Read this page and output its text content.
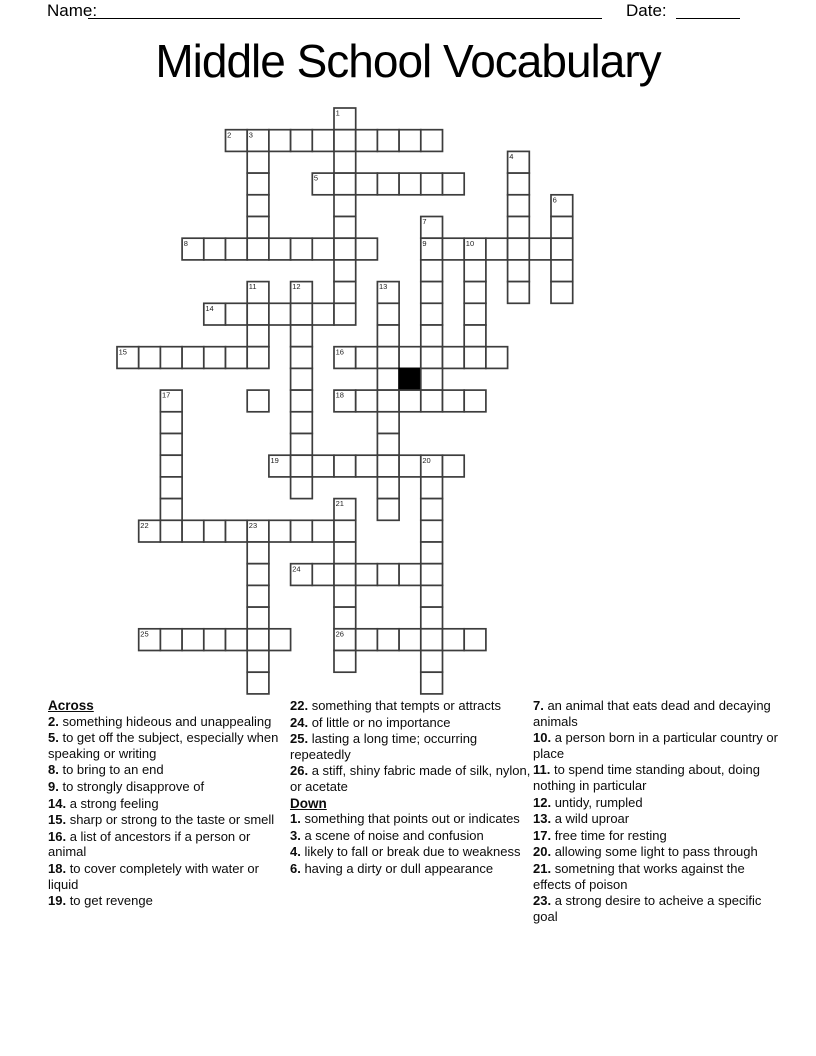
Name:	Date:
Middle School Vocabulary
1
2 3
4
5
6
7
8	9	10
11	12	13
14
15	16
17	18
19	20
21
22	23
24
25	26

Across

2. something hideous and unappealing

5. to get off the subject, especially when speaking or writing

8. to bring to an end

9. to strongly disapprove of

14. a strong feeling

15. sharp or strong to the taste or smell

16. a list of ancestors if a person or animal

18. to cover completely with water or liquid

19. to get revenge

22. something that tempts or attracts

24. of little or no importance

25. lasting a long time; occurring repeatedly

26. a stiff, shiny fabric made of silk, nylon, or acetate

Down

1. something that points out or indicates

3. a scene of noise and confusion

4. likely to fall or break due to weakness

6. having a dirty or dull appearance

7. an animal that eats dead and decaying animals

10. a person born in a particular country or place

11. to spend time standing about, doing nothing in particular

12. untidy, rumpled

13. a wild uproar

17. free time for resting

20. allowing some light to pass through

21. sometning that works against the effects of poison

23. a strong desire to acheive a specific goal
